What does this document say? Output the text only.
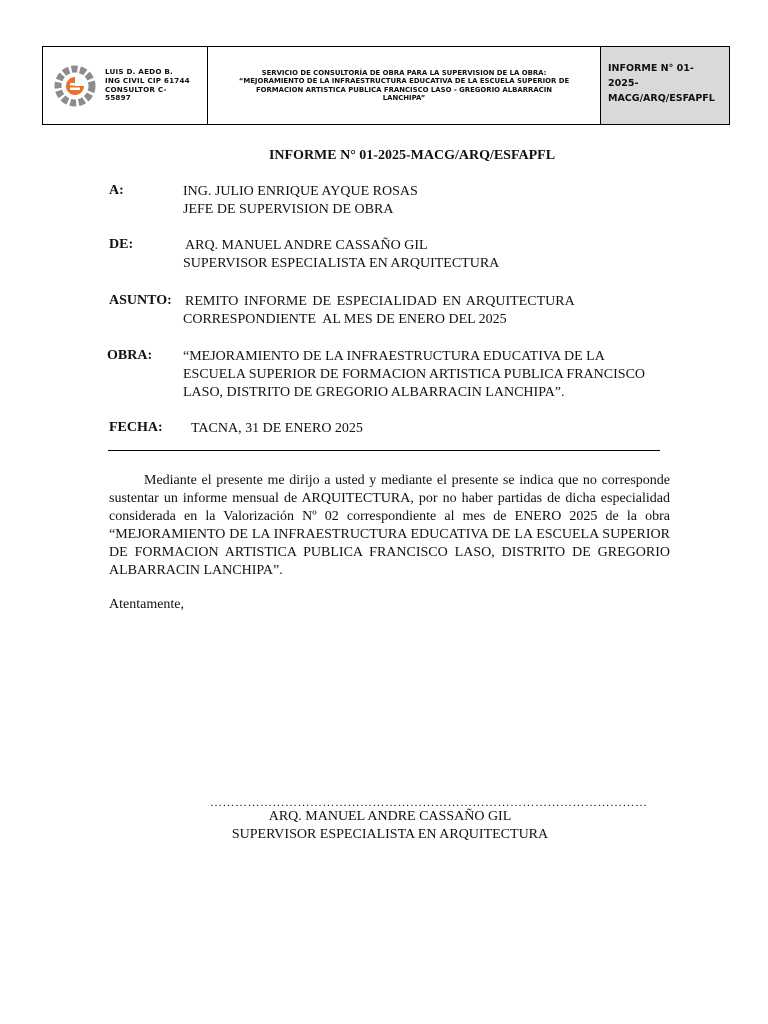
LUIS D. AEDO B.
ING CIVIL CIP 61744
CONSULTOR C-
55897
SERVICIO DE CONSULTORÍA DE OBRA PARA LA SUPERVISION DE LA OBRA:
“MEJORAMIENTO DE LA INFRAESTRUCTURA EDUCATIVA DE LA ESCUELA SUPERIOR DE
FORMACION ARTISTICA PUBLICA FRANCISCO LASO - GREGORIO ALBARRACIN
LANCHIPA”
INFORME N° 01-2025-
MACG/ARQ/ESFAPFL
INFORME N° 01-2025-MACG/ARQ/ESFAPFL
A:	ING. JULIO ENRIQUE AYQUE ROSAS
JEFE DE SUPERVISION DE OBRA
DE:	ARQ. MANUEL ANDRE CASSAÑO GIL
SUPERVISOR ESPECIALISTA EN ARQUITECTURA
ASUNTO: REMITO INFORME DE ESPECIALIDAD EN ARQUITECTURA
CORRESPONDIENTE  AL MES DE ENERO DEL 2025
OBRA: “MEJORAMIENTO DE LA INFRAESTRUCTURA EDUCATIVA DE LA
ESCUELA SUPERIOR DE FORMACION ARTISTICA PUBLICA FRANCISCO
LASO, DISTRITO DE GREGORIO ALBARRACIN LANCHIPA”.
FECHA: TACNA, 31 DE ENERO 2025
Mediante el presente me dirijo a usted y mediante el presente se indica que no corresponde sustentar un informe mensual de ARQUITECTURA, por no haber partidas de dicha especialidad considerada en la Valorización Nº 02 correspondiente al mes de ENERO 2025 de la obra “MEJORAMIENTO DE LA INFRAESTRUCTURA EDUCATIVA DE LA ESCUELA SUPERIOR DE FORMACION ARTISTICA PUBLICA FRANCISCO LASO, DISTRITO DE GREGORIO ALBARRACIN LANCHIPA”.
Atentamente,
……………………………………………………………………………………………
ARQ. MANUEL ANDRE CASSAÑO GIL
SUPERVISOR ESPECIALISTA EN ARQUITECTURA
